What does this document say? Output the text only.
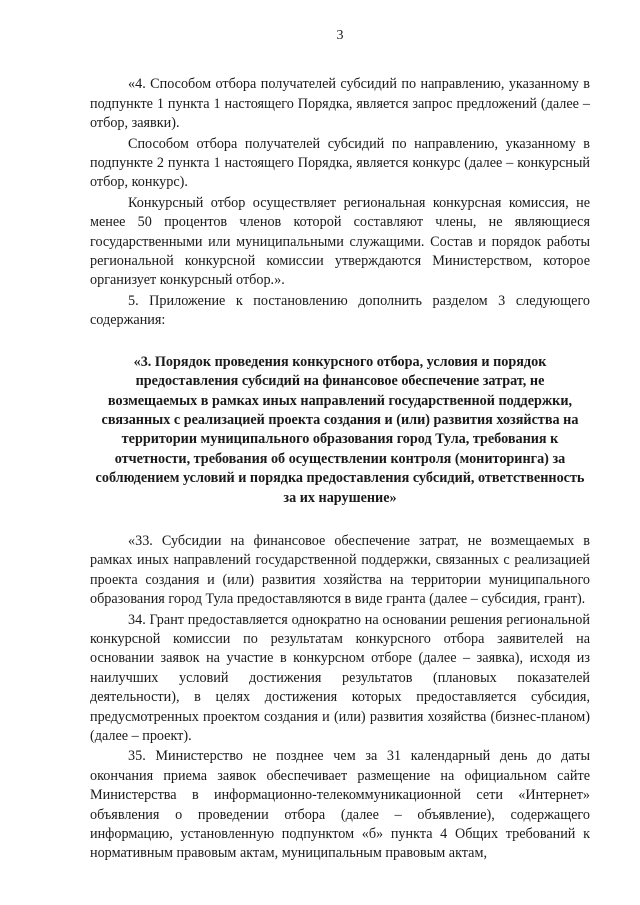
3

«4. Способом отбора получателей субсидий по направлению, указанному в подпункте 1 пункта 1 настоящего Порядка, является запрос предложений (далее – отбор, заявки).

Способом отбора получателей субсидий по направлению, указанному в подпункте 2 пункта 1 настоящего Порядка, является конкурс (далее – конкурсный отбор, конкурс).

Конкурсный отбор осуществляет региональная конкурсная комиссия, не менее 50 процентов членов которой составляют члены, не являющиеся государственными или муниципальными служащими. Состав и порядок работы региональной конкурсной комиссии утверждаются Министерством, которое организует конкурсный отбор.».

5. Приложение к постановлению дополнить разделом 3 следующего содержания:

«3. Порядок проведения конкурсного отбора, условия и порядок предоставления субсидий на финансовое обеспечение затрат, не возмещаемых в рамках иных направлений государственной поддержки, связанных с реализацией проекта создания и (или) развития хозяйства на территории муниципального образования город Тула, требования к отчетности, требования об осуществлении контроля (мониторинга) за соблюдением условий и порядка предоставления субсидий, ответственность за их нарушение»

«33. Субсидии на финансовое обеспечение затрат, не возмещаемых в рамках иных направлений государственной поддержки, связанных с реализацией проекта создания и (или) развития хозяйства на территории муниципального образования город Тула предоставляются в виде гранта (далее – субсидия, грант).

34. Грант предоставляется однократно на основании решения региональной конкурсной комиссии по результатам конкурсного отбора заявителей на основании заявок на участие в конкурсном отборе (далее – заявка), исходя из наилучших условий достижения результатов (плановых показателей деятельности), в целях достижения которых предоставляется субсидия, предусмотренных проектом создания и (или) развития хозяйства (бизнес-планом) (далее – проект).

35. Министерство не позднее чем за 31 календарный день до даты окончания приема заявок обеспечивает размещение на официальном сайте Министерства в информационно-телекоммуникационной сети «Интернет» объявления о проведении отбора (далее – объявление), содержащего информацию, установленную подпунктом «б» пункта 4 Общих требований к нормативным правовым актам, муниципальным правовым актам,
